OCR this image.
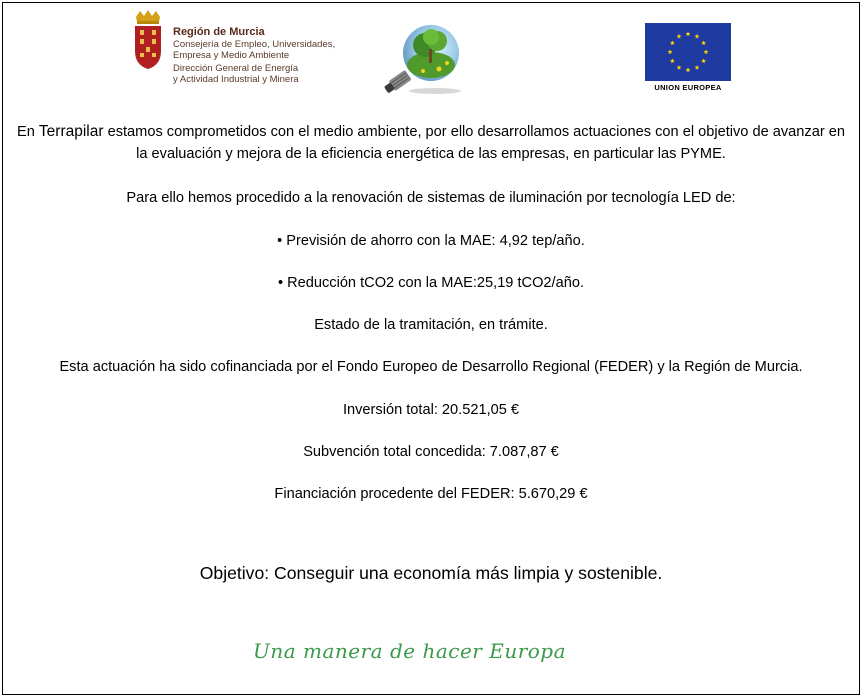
Región de Murcia
Consejería de Empleo, Universidades,
Empresa y Medio Ambiente
Dirección General de Energía
y Actividad Industrial y Minera
UNION EUROPEA

En Terrapilar estamos comprometidos con el medio ambiente, por ello desarrollamos actuaciones con el objetivo de avanzar en la evaluación y mejora de la eficiencia energética de las empresas, en particular las PYME.

Para ello hemos procedido a la renovación de sistemas de iluminación por tecnología LED de:
• Previsión de ahorro con la MAE: 4,92 tep/año.
• Reducción tCO2 con la MAE:25,19 tCO2/año.
Estado de la tramitación, en trámite.
Esta actuación ha sido cofinanciada por el Fondo Europeo de Desarrollo Regional (FEDER) y la Región de Murcia.
Inversión total: 20.521,05 €
Subvención total concedida: 7.087,87 €
Financiación procedente del FEDER: 5.670,29 €
Objetivo: Conseguir una economía más limpia y sostenible.
Una manera de hacer Europa
